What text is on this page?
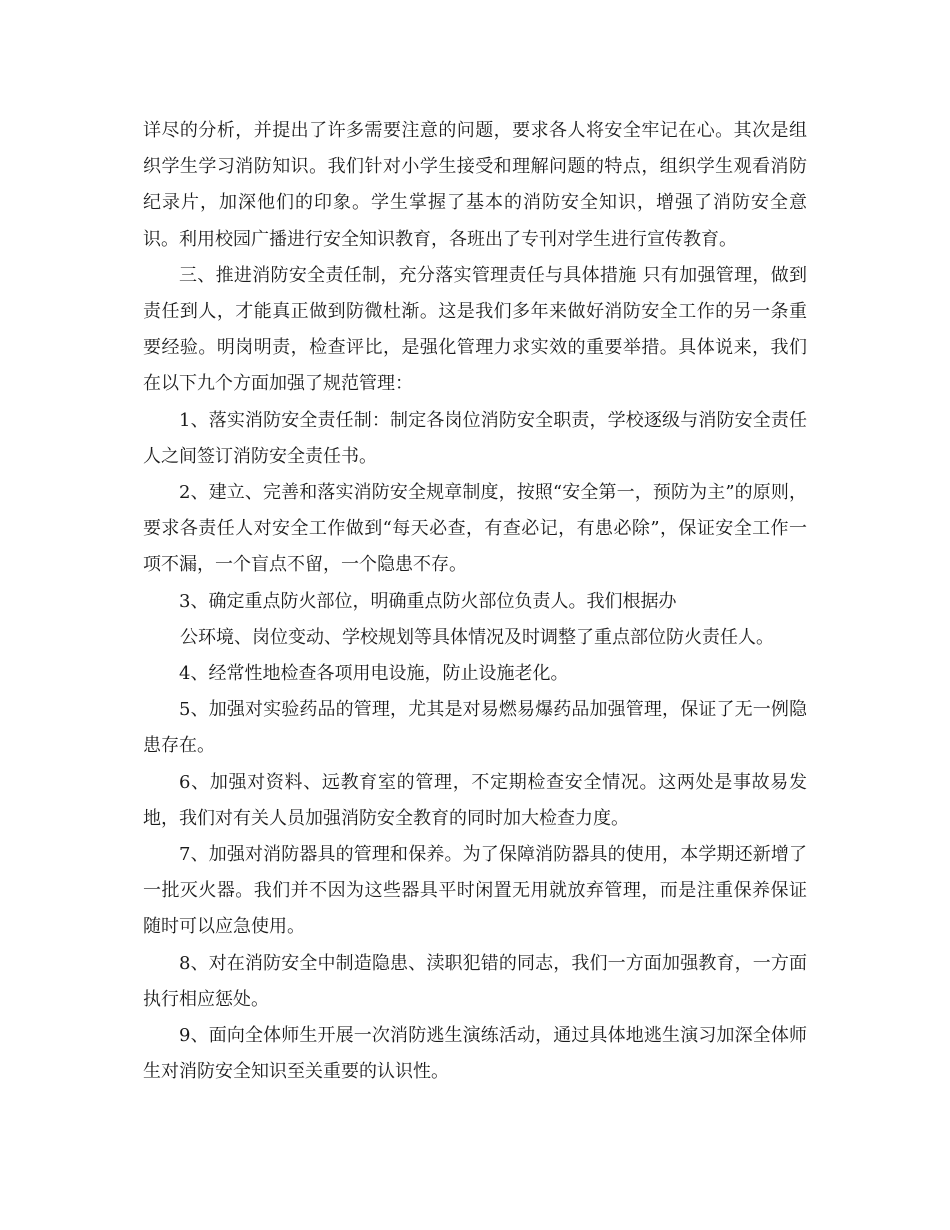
详尽的分析，并提出了许多需要注意的问题，要求各人将安全牢记在心。其次是组织学生学习消防知识。我们针对小学生接受和理解问题的特点，组织学生观看消防纪录片，加深他们的印象。学生掌握了基本的消防安全知识，增强了消防安全意识。利用校园广播进行安全知识教育，各班出了专刊对学生进行宣传教育。

三、推进消防安全责任制，充分落实管理责任与具体措施 只有加强管理，做到责任到人，才能真正做到防微杜渐。这是我们多年来做好消防安全工作的另一条重要经验。明岗明责，检查评比，是强化管理力求实效的重要举措。具体说来，我们在以下九个方面加强了规范管理：

1、落实消防安全责任制：制定各岗位消防安全职责，学校逐级与消防安全责任人之间签订消防安全责任书。

2、建立、完善和落实消防安全规章制度，按照“安全第一，预防为主”的原则，要求各责任人对安全工作做到“每天必查，有查必记，有患必除”，保证安全工作一项不漏，一个盲点不留，一个隐患不存。

3、确定重点防火部位，明确重点防火部位负责人。我们根据办
公环境、岗位变动、学校规划等具体情况及时调整了重点部位防火责任人。

4、经常性地检查各项用电设施，防止设施老化。

5、加强对实验药品的管理，尤其是对易燃易爆药品加强管理，保证了无一例隐患存在。

6、加强对资料、远教育室的管理，不定期检查安全情况。这两处是事故易发地，我们对有关人员加强消防安全教育的同时加大检查力度。

7、加强对消防器具的管理和保养。为了保障消防器具的使用，本学期还新增了一批灭火器。我们并不因为这些器具平时闲置无用就放弃管理，而是注重保养保证随时可以应急使用。

8、对在消防安全中制造隐患、渎职犯错的同志，我们一方面加强教育，一方面执行相应惩处。

9、面向全体师生开展一次消防逃生演练活动，通过具体地逃生演习加深全体师生对消防安全知识至关重要的认识性。
